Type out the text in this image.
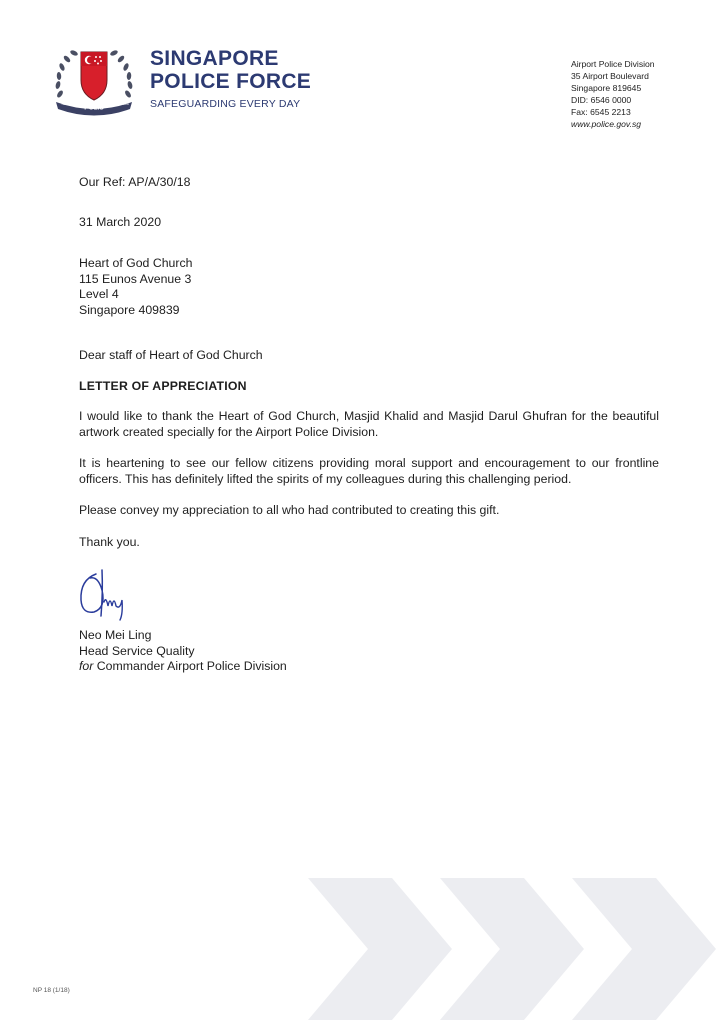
POLIS
NEGARA	SINGAPURA
SINGAPORE
POLICE FORCE
SAFEGUARDING EVERY DAY
Airport Police Division
35 Airport Boulevard
Singapore 819645
DID: 6546 0000
Fax: 6545 2213
www.police.gov.sg
Our Ref: AP/A/30/18
31 March 2020
Heart of God Church
115 Eunos Avenue 3
Level 4
Singapore 409839
Dear staff of Heart of God Church
LETTER OF APPRECIATION
I would like to thank the Heart of God Church, Masjid Khalid and Masjid Darul Ghufran for the beautiful artwork created specially for the Airport Police Division.
It is heartening to see our fellow citizens providing moral support and encouragement to our frontline officers. This has definitely lifted the spirits of my colleagues during this challenging period.
Please convey my appreciation to all who had contributed to creating this gift.
Thank you.
Neo Mei Ling
Head Service Quality
for Commander Airport Police Division
NP 18 (1/18)
